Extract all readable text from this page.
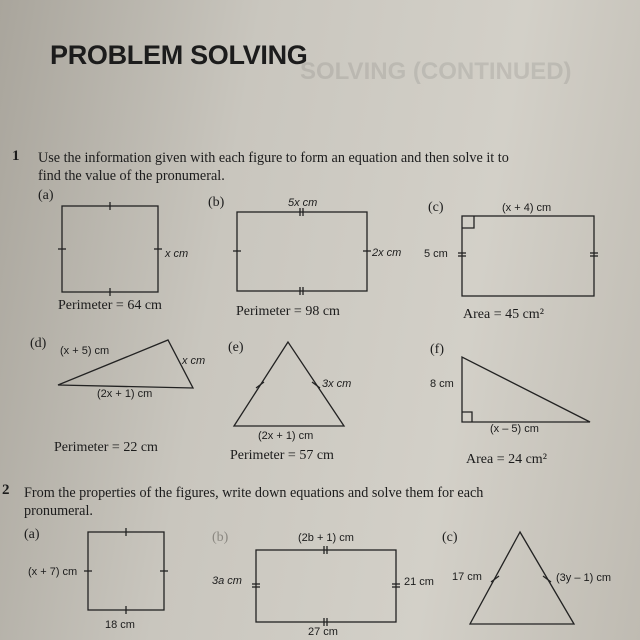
SOLVING (CONTINUED)
PROBLEM SOLVING
1 Use the information given with each figure to form an equation and then solve it to
find the value of the pronumeral.
(a)
x cm
Perimeter = 64 cm
(b)	5x cm
2x cm
Perimeter = 98 cm
(c)	(x + 4) cm
5 cm
Area = 45 cm²
(d) (x + 5) cm
x cm
(2x + 1) cm
Perimeter = 22 cm
(e)
3x cm
(2x + 1) cm
Perimeter = 57 cm
(f)
8 cm
(x – 5) cm
Area = 24 cm²
2 From the properties of the figures, write down equations and solve them for each
pronumeral.
(a)
(x + 7) cm
18 cm
(b)	(2b + 1) cm
3a cm	21 cm
27 cm
(c)
17 cm	(3y – 1) cm
